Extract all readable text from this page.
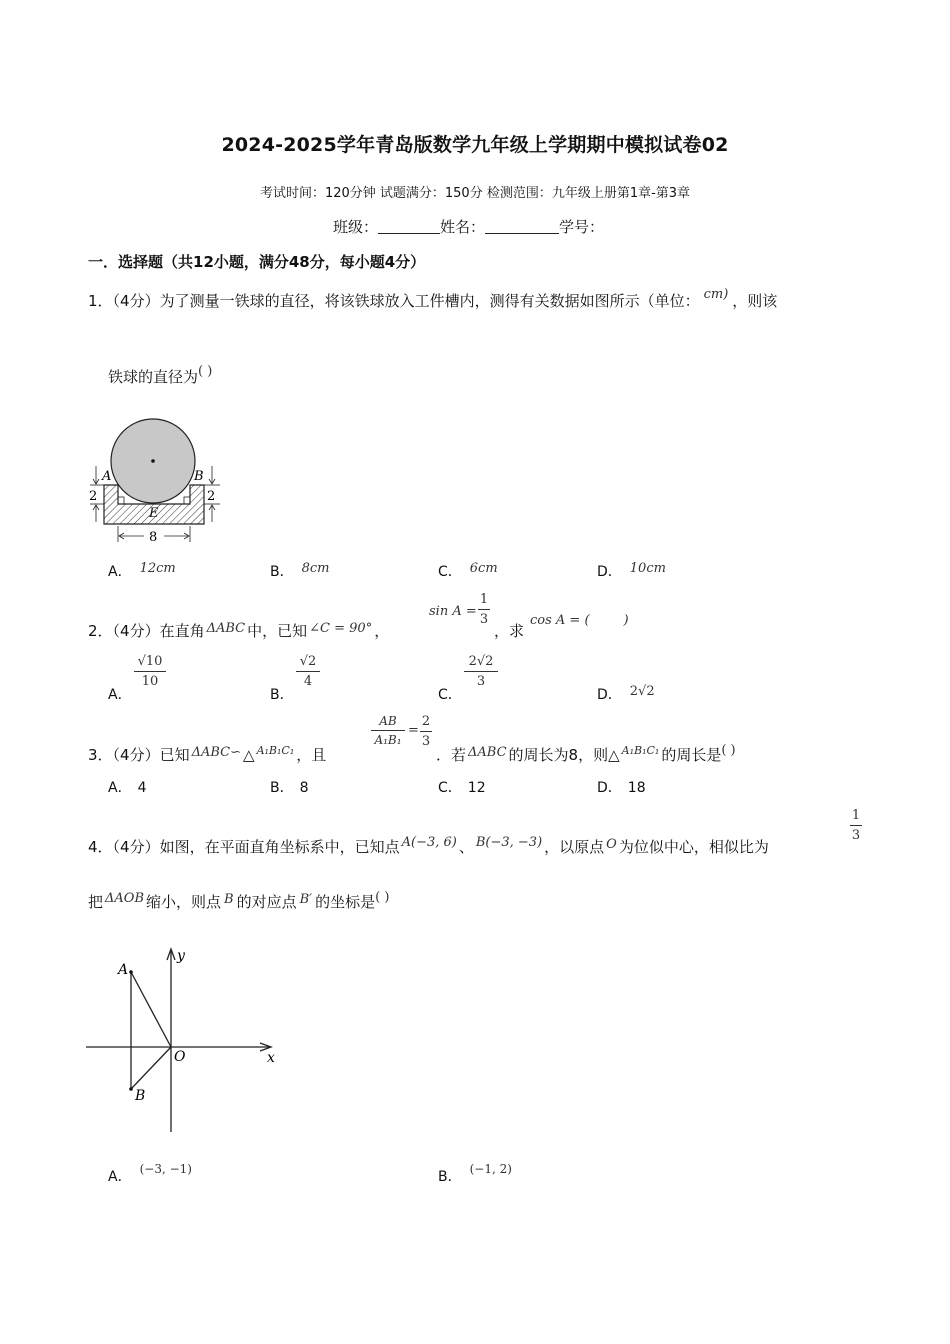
2024-2025学年青岛版数学九年级上学期期中模拟试卷02
考试时间：120分钟 试题满分：150分 检测范围：九年级上册第1章-第3章
班级：	姓名：	学号：
一．选择题（共12小题，满分48分，每小题4分）
1．（4分）为了测量一铁球的直径，将该铁球放入工件槽内，测得有关数据如图所示（单位： cm) ，则该
铁球的直径为( )
A	B
E
2	2
8
A． 12cm	B． 8cm	C． 6cm	D． 10cm
2．（4分）在直角 ΔABC 中，已知 ∠C = 90° ，
sin A =
1
3
，求
cos A = (	)
A．
√10
10
B．
√2
4
C．
2√2
3
D． 2√2
3．（4分）已知 ΔABC∽ △ $^{A_1B_1C_1}$ ，且
AB
A₁B₁
=
2
3
．若 ΔABC 的周长为8，则△ $^{A_1B_1C_1}$ 的周长是( )
A． 4	B． 8	C． 12	D． 18
4．（4分）如图，在平面直角坐标系中，已知点 A(−3, 6) 、 B(−3, −3) ，以原点 O 为位似中心，相似比为
1
3
把 ΔAOB 缩小，则点 B 的对应点 B′ 的坐标是( )
A
B
O	x
y
A． (−3, −1)	B． (−1, 2)
